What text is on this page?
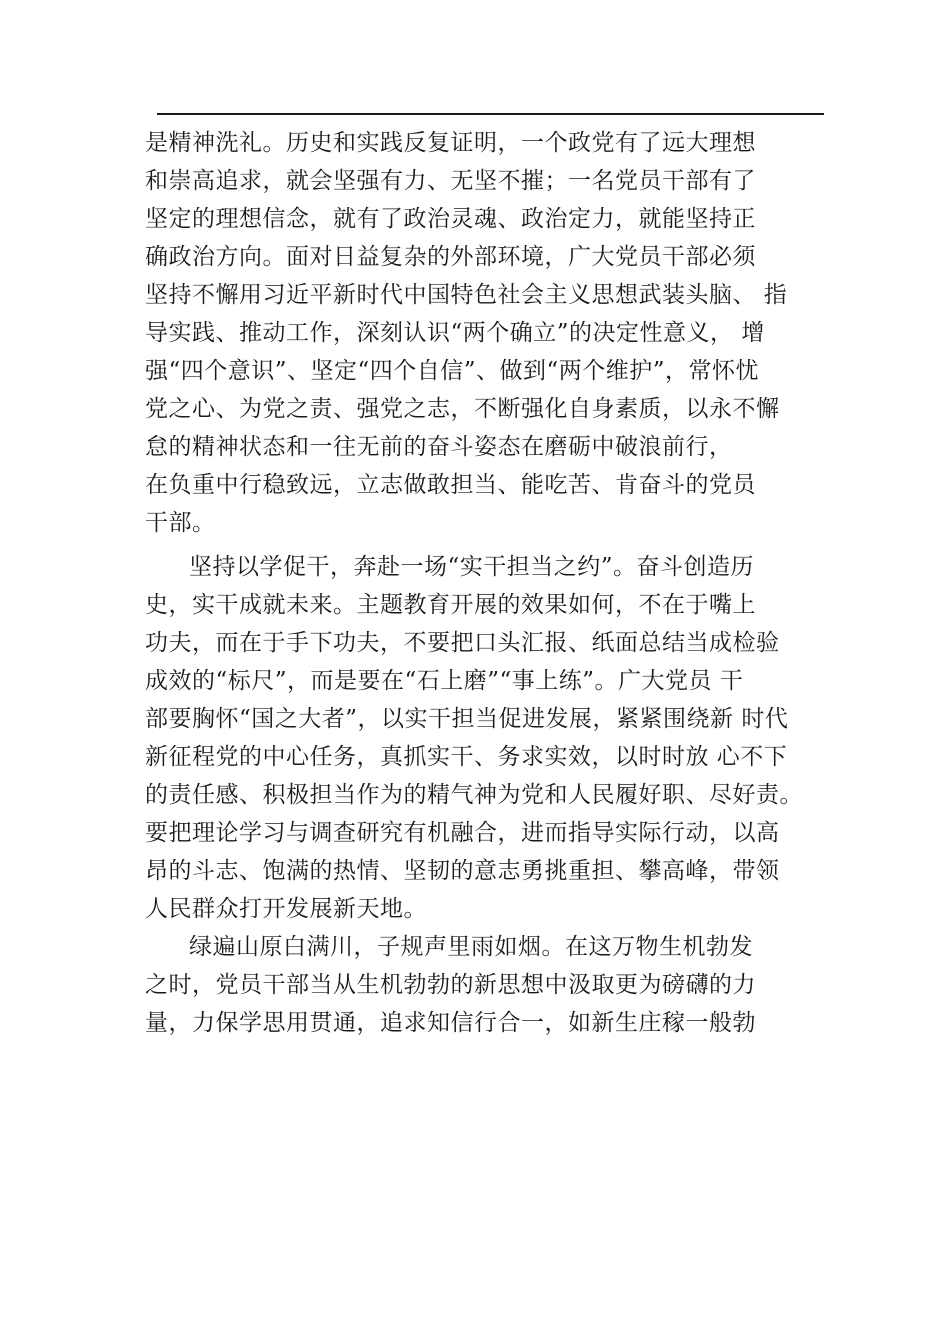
是精神洗礼。历史和实践反复证明，一个政党有了远大理想
和崇高追求，就会坚强有力、无坚不摧；一名党员干部有了
坚定的理想信念，就有了政治灵魂、政治定力，就能坚持正
确政治方向。面对日益复杂的外部环境，广大党员干部必须
坚持不懈用习近平新时代中国特色社会主义思想武装头脑、 指
导实践、推动工作，深刻认识“两个确立”的决定性意义， 增
强“四个意识”、坚定“四个自信”、做到“两个维护”，常怀忧
党之心、为党之责、强党之志，不断强化自身素质，以永不懈
怠的精神状态和一往无前的奋斗姿态在磨砺中破浪前行，
在负重中行稳致远，立志做敢担当、能吃苦、肯奋斗的党员
干部。
坚持以学促干，奔赴一场“实干担当之约”。奋斗创造历
史，实干成就未来。主题教育开展的效果如何，不在于嘴上
功夫，而在于手下功夫，不要把口头汇报、纸面总结当成检验
成效的“标尺”，而是要在“石上磨”“事上练”。广大党员 干
部要胸怀“国之大者”，以实干担当促进发展，紧紧围绕新 时代
新征程党的中心任务，真抓实干、务求实效，以时时放 心不下
的责任感、积极担当作为的精气神为党和人民履好职、尽好责。
要把理论学习与调查研究有机融合，进而指导实际行动，以高
昂的斗志、饱满的热情、坚韧的意志勇挑重担、攀高峰，带领
人民群众打开发展新天地。
绿遍山原白满川，子规声里雨如烟。在这万物生机勃发
之时，党员干部当从生机勃勃的新思想中汲取更为磅礴的力
量，力保学思用贯通，追求知信行合一，如新生庄稼一般勃
